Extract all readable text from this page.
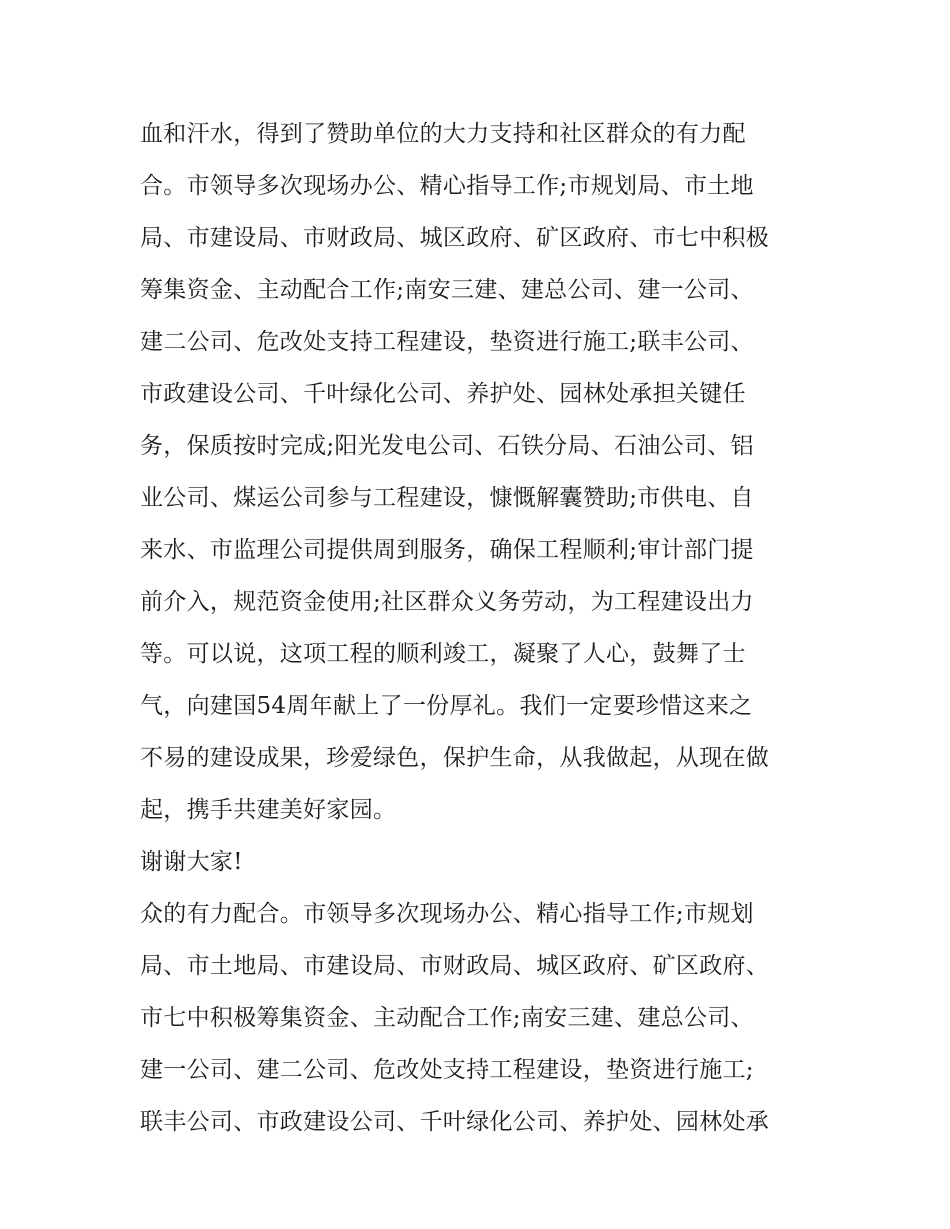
血和汗水，得到了赞助单位的大力支持和社区群众的有力配
合。市领导多次现场办公、精心指导工作;市规划局、市土地
局、市建设局、市财政局、城区政府、矿区政府、市七中积极
筹集资金、主动配合工作;南安三建、建总公司、建一公司、
建二公司、危改处支持工程建设，垫资进行施工;联丰公司、
市政建设公司、千叶绿化公司、养护处、园林处承担关键任
务，保质按时完成;阳光发电公司、石铁分局、石油公司、铝
业公司、煤运公司参与工程建设，慷慨解囊赞助;市供电、自
来水、市监理公司提供周到服务，确保工程顺利;审计部门提
前介入，规范资金使用;社区群众义务劳动，为工程建设出力
等。可以说，这项工程的顺利竣工，凝聚了人心，鼓舞了士
气，向建国54周年献上了一份厚礼。我们一定要珍惜这来之
不易的建设成果，珍爱绿色，保护生命，从我做起，从现在做
起，携手共建美好家园。
谢谢大家!
众的有力配合。市领导多次现场办公、精心指导工作;市规划
局、市土地局、市建设局、市财政局、城区政府、矿区政府、
市七中积极筹集资金、主动配合工作;南安三建、建总公司、
建一公司、建二公司、危改处支持工程建设，垫资进行施工;
联丰公司、市政建设公司、千叶绿化公司、养护处、园林处承
